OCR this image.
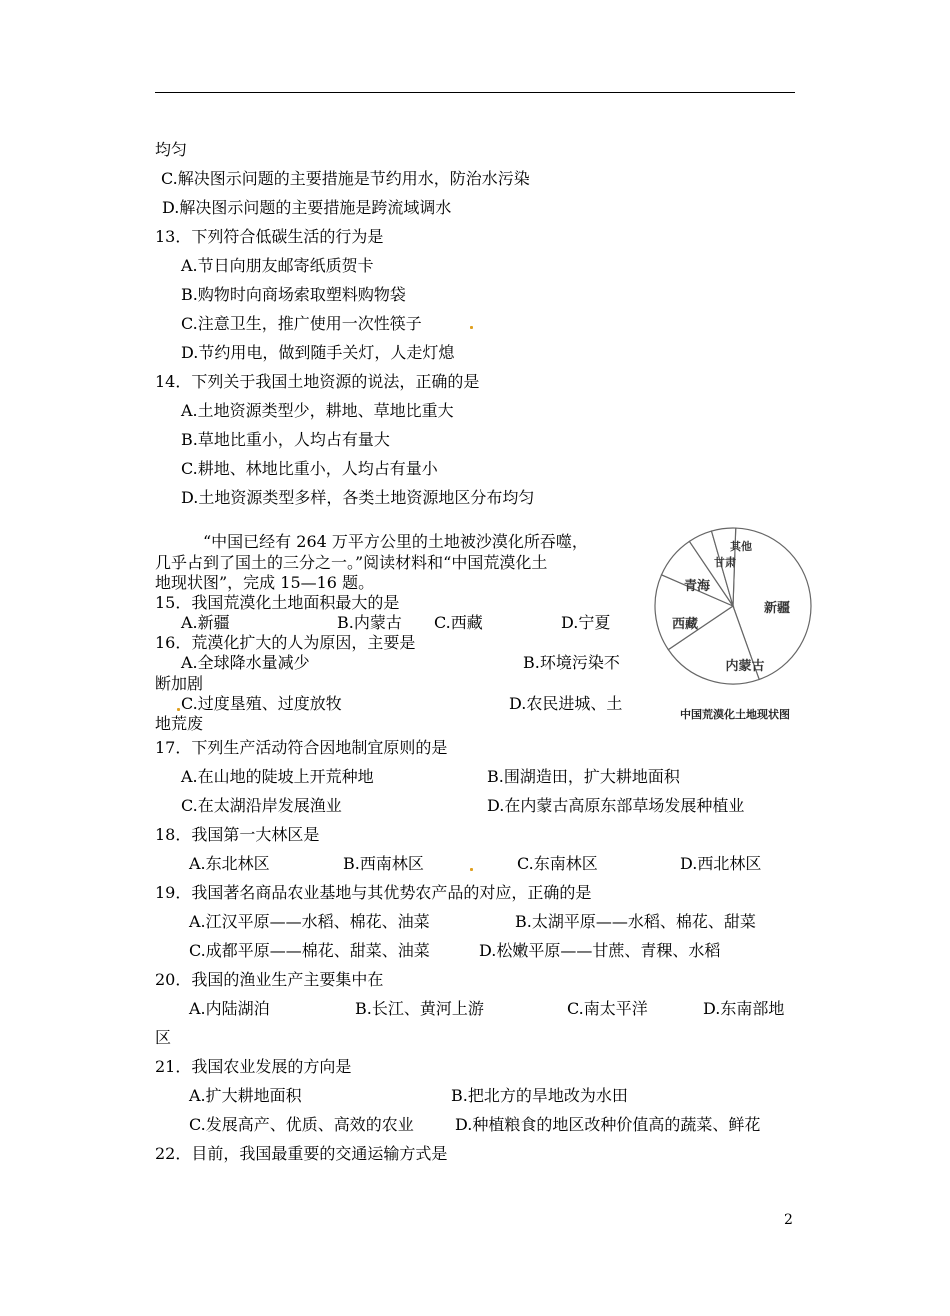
均匀
C.解决图示问题的主要措施是节约用水，防治水污染
D.解决图示问题的主要措施是跨流域调水
13．下列符合低碳生活的行为是
A.节日向朋友邮寄纸质贺卡
B.购物时向商场索取塑料购物袋
C.注意卫生，推广使用一次性筷子
D.节约用电，做到随手关灯，人走灯熄
14．下列关于我国土地资源的说法，正确的是
A.土地资源类型少，耕地、草地比重大
B.草地比重小，人均占有量大
C.耕地、林地比重小，人均占有量小
D.土地资源类型多样，各类土地资源地区分布均匀
“中国已经有 264 万平方公里的土地被沙漠化所吞噬，
几乎占到了国土的三分之一。”阅读材料和“中国荒漠化土
地现状图”，完成 15—16 题。
15．我国荒漠化土地面积最大的是
A.新疆	B.内蒙古 C.西藏	D.宁夏
16．荒漠化扩大的人为原因，主要是
A.全球降水量减少	B.环境污染不
断加剧
C.过度垦殖、过度放牧	D.农民进城、土
地荒废
17．下列生产活动符合因地制宜原则的是
A.在山地的陡坡上开荒种地	B.围湖造田，扩大耕地面积
C.在太湖沿岸发展渔业	D.在内蒙古高原东部草场发展种植业
18．我国第一大林区是
A.东北林区	B.西南林区	C.东南林区	D.西北林区
19．我国著名商品农业基地与其优势农产品的对应，正确的是
A.江汉平原——水稻、棉花、油菜	B.太湖平原——水稻、棉花、甜菜
C.成都平原——棉花、甜菜、油菜	D.松嫩平原——甘蔗、青稞、水稻
20．我国的渔业生产主要集中在
A.内陆湖泊	B.长江、黄河上游	C.南太平洋	D.东南部地
区
21．我国农业发展的方向是
A.扩大耕地面积	B.把北方的旱地改为水田
C.发展高产、优质、高效的农业	D.种植粮食的地区改种价值高的蔬菜、鲜花
22．目前，我国最重要的交通运输方式是
新疆
内蒙古
西藏
青海
甘肃
其他
中国荒漠化土地现状图
2
